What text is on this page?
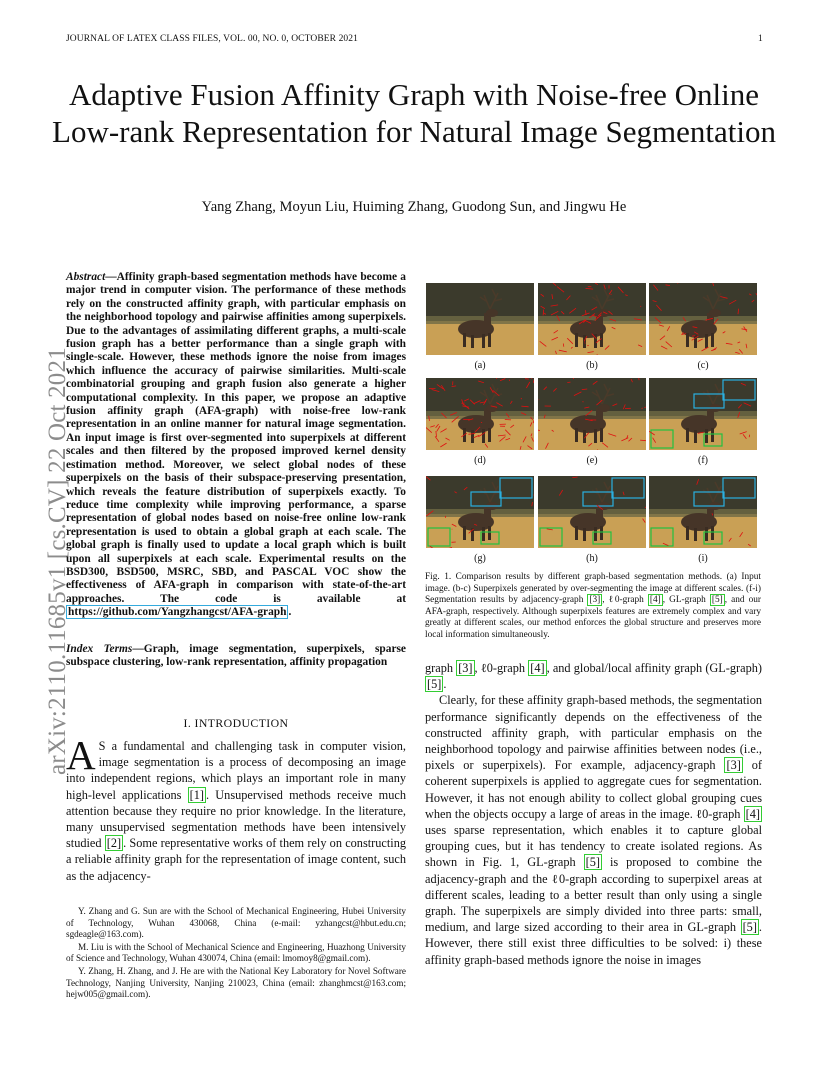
JOURNAL OF LATEX CLASS FILES, VOL. 00, NO. 0, OCTOBER 2021	1
Adaptive Fusion Affinity Graph with Noise-free Online Low-rank Representation for Natural Image Segmentation
Yang Zhang, Moyun Liu, Huiming Zhang, Guodong Sun, and Jingwu He
arXiv:2110.11685v1 [cs.CV] 22 Oct 2021
Abstract—Affinity graph-based segmentation methods have become a major trend in computer vision. The performance of these methods rely on the constructed affinity graph, with particular emphasis on the neighborhood topology and pairwise affinities among superpixels. Due to the advantages of assimilating different graphs, a multi-scale fusion graph has a better performance than a single graph with single-scale. However, these methods ignore the noise from images which influence the accuracy of pairwise similarities. Multi-scale combinatorial grouping and graph fusion also generate a higher computational complexity. In this paper, we propose an adaptive fusion affinity graph (AFA-graph) with noise-free low-rank representation in an online manner for natural image segmentation. An input image is first over-segmented into superpixels at different scales and then filtered by the proposed improved kernel density estimation method. Moreover, we select global nodes of these superpixels on the basis of their subspace-preserving presentation, which reveals the feature distribution of superpixels exactly. To reduce time complexity while improving performance, a sparse representation of global nodes based on noise-free online low-rank representation is used to obtain a global graph at each scale. The global graph is finally used to update a local graph which is built upon all superpixels at each scale. Experimental results on the BSD300, BSD500, MSRC, SBD, and PASCAL VOC show the effectiveness of AFA-graph in comparison with state-of-the-art approaches. The code is available at https://github.com/Yangzhangcst/AFA-graph .
Index Terms—Graph, image segmentation, superpixels, sparse subspace clustering, low-rank representation, affinity propagation
I. INTRODUCTION
A S a fundamental and challenging task in computer vision, image segmentation is a process of decomposing an image into independent regions, which plays an important role in many high-level applications [1] . Unsupervised methods receive much attention because they require no prior knowledge. In the literature, many unsupervised segmentation methods have been intensively studied [2] . Some representative works of them rely on constructing a reliable affinity graph for the representation of image content, such as the adjacency-

Y. Zhang and G. Sun are with the School of Mechanical Engineering, Hubei University of Technology, Wuhan 430068, China (e-mail: yzhangcst@hbut.edu.cn; sgdeagle@163.com).

M. Liu is with the School of Mechanical Science and Engineering, Huazhong University of Science and Technology, Wuhan 430074, China (email: lmomoy8@gmail.com).

Y. Zhang, H. Zhang, and J. He are with the National Key Laboratory for Novel Software Technology, Nanjing University, Nanjing 210023, China (email: zhanghmcst@163.com; hejw005@gmail.com).

(a)	(b)	(c)
(d)	(e)	(f)
(g)	(h)	(i)
Fig. 1. Comparison results by different graph-based segmentation methods. (a) Input image. (b-c) Superpixels generated by over-segmenting the image at different scales. (f-i) Segmentation results by adjacency-graph [3] , ℓ0-graph [4] , GL-graph [5] , and our AFA-graph, respectively. Although superpixels features are extremely complex and vary greatly at different scales, our method enforces the global structure and preserves more local information simultaneously.

graph [3] , ℓ0-graph [4] , and global/local affinity graph (GL-graph) [5] .

Clearly, for these affinity graph-based methods, the segmentation performance significantly depends on the effectiveness of the constructed affinity graph, with particular emphasis on the neighborhood topology and pairwise affinities between nodes (i.e., pixels or superpixels). For example, adjacency-graph [3] of coherent superpixels is applied to aggregate cues for segmentation. However, it has not enough ability to collect global grouping cues when the objects occupy a large of areas in the image. ℓ0-graph [4] uses sparse representation, which enables it to capture global grouping cues, but it has tendency to create isolated regions. As shown in Fig. 1, GL-graph [5] is proposed to combine the adjacency-graph and the ℓ0-graph according to superpixel areas at different scales, leading to a better result than only using a single graph. The superpixels are simply divided into three parts: small, medium, and large sized according to their area in GL-graph [5] . However, there still exist three difficulties to be solved: i) these affinity graph-based methods ignore the noise in images
